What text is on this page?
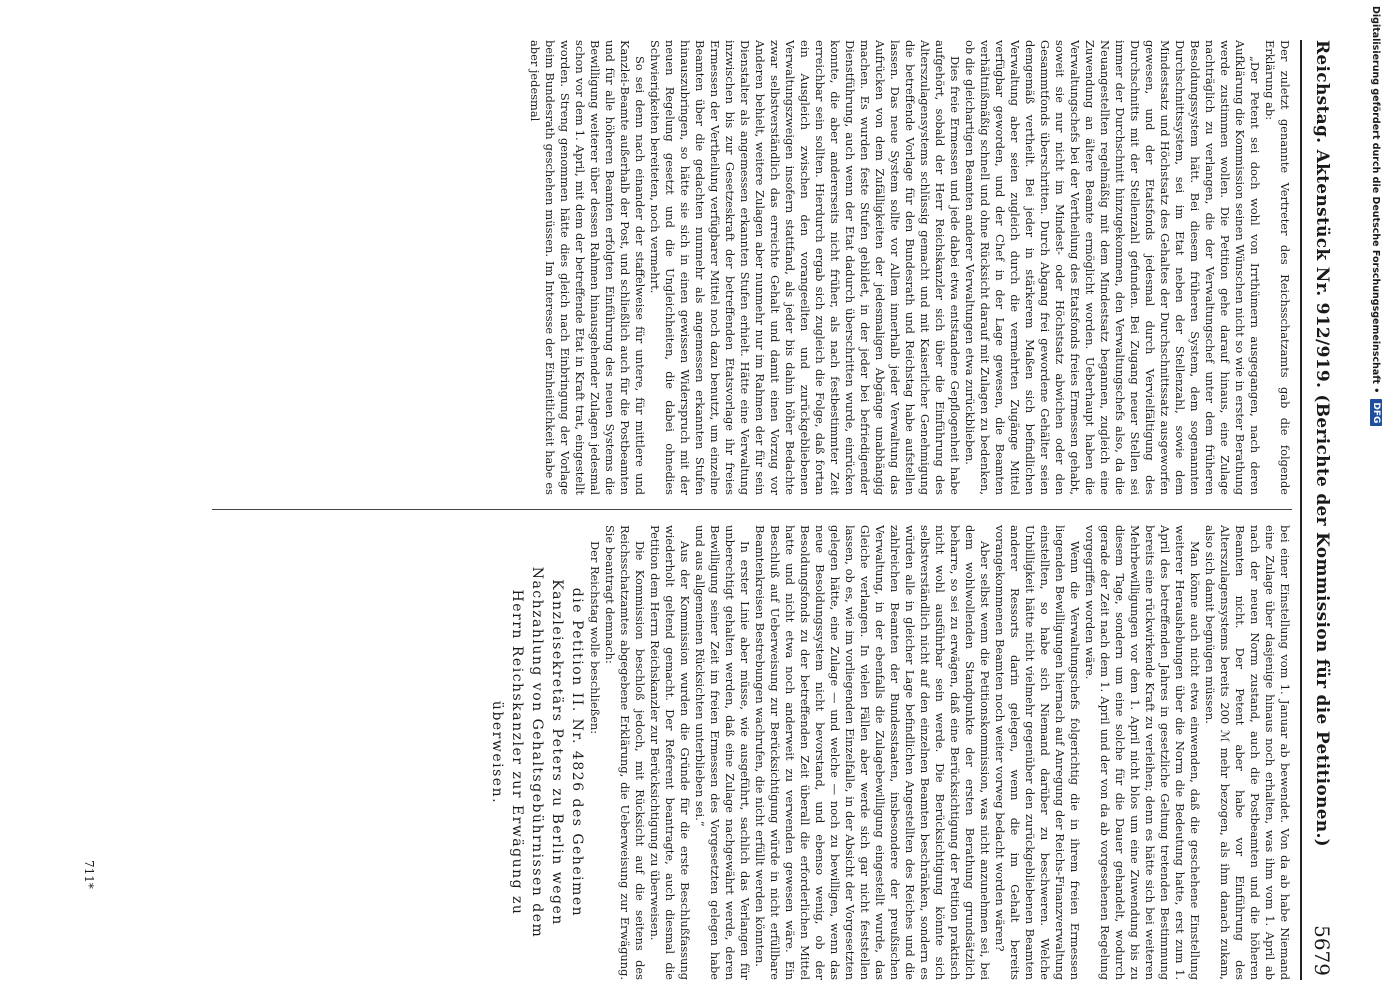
Reichstag. Aktenstück Nr. 912/919. (Berichte der Kommission für die Petitionen.)
5679

Der zuletzt genannte Vertreter des Reichsschatzamts gab die folgende Erklärung ab:

„Der Petent sei doch wohl von Irrthümern ausgegangen, nach deren Aufklärung die Kommission seinen Wünschen nicht so wie in erster Berathung werde zustimmen wollen. Die Petition gehe darauf hinaus, eine Zulage nachträglich zu verlangen, die der Verwaltungschef unter dem früheren Besoldungssystem hätt. Bei diesem früheren System, dem sogenannten Durchschnittssystem, sei im Etat neben der Stellenzahl, sowie dem Mindestsatz und Höchstsatz des Gehaltes der Durchschnittssatz ausgeworfen gewesen, und der Etatsfonds jedesmal durch Vervielfältigung des Durchschnitts mit der Stellenzahl gefunden. Bei Zugang neuer Stellen sei immer der Durchschnitt hinzugekommen, den Verwaltungschefs also, da die Neuangestellten regelmäßig mit dem Mindestsatz begannen, zugleich eine Zuwendung an ältere Beamte ermöglicht worden. Ueberhaupt haben die Verwaltungschefs bei der Vertheilung des Etatsfonds freies Ermessen gehabt, soweit sie nur nicht im Mindest- oder Höchstsatz abwichen oder den Gesammtfonds überschritten. Durch Abgang frei gewordene Gehälter seien demgemäß vertheilt. Bei jeder in stärkerem Maßen sich befindlichen Verwaltung aber seien zugleich durch die vermehrten Zugänge Mittel verfügbar geworden, und der Chef in der Lage gewesen, die Beamten verhältnißmäßig schnell und ohne Rücksicht darauf mit Zulagen zu bedenken, ob die gleichartigen Beamten anderer Verwaltungen etwa zurückblieben.

Dies freie Ermessen und jede dabei etwa entstandene Gepflogenheit habe aufgehört, sobald der Herr Reichskanzler sich über die Einführung des Alterszulagensystems schlüssig gemacht und mit Kaiserlicher Genehmigung die betreffende Vorlage für den Bundesrath und Reichstag habe aufstellen lassen. Das neue System sollte vor Allem innerhalb jeder Verwaltung das Aufrücken von dem Zufälligkeiten der jedesmaligen Abgänge unabhängig machen. Es wurden feste Stufen gebildet, in der jeder bei befriedigender Dienstführung, auch wenn der Etat dadurch überschritten wurde, einrücken konnte, die aber andererseits nicht früher, als nach festbestimmter Zeit erreichbar sein sollten. Hierdurch ergab sich zugleich die Folge, daß fortan ein Ausgleich zwischen den vorangeeilten und zurückgebliebenen Verwaltungszweigen insofern stattfand, als jeder bis dahin höher Bedachte zwar selbstverständlich das erreichte Gehalt und damit einen Vorzug vor Anderen behielt, weitere Zulagen aber nunmehr nur im Rahmen der für sein Dienstalter als angemessen erkannten Stufen erhielt. Hätte eine Verwaltung inzwischen bis zur Gesetzeskraft der betreffenden Etatsvorlage ihr freies Ermessen der Vertheilung verfügbarer Mittel noch dazu benutzt, um einzelne Beamten über die gedachten nunmehr als angemessen erkannten Stufen hinauszubringen, so hätte sie sich in einen gewissen Widerspruch mit der neuen Regelung gesetzt und die Ungleichheiten, die dabei ohnedies Schwierigkeiten bereiteten, noch vermehrt.

So sei denn nach einander der staffelweise für untere, für mittlere und Kanzlei-Beamte außerhalb der Post, und schließlich auch für die Postbeamten und für alle höheren Beamten erfolgten Einführung des neuen Systems die Bewilligung weiterer über dessen Rahmen hinausgehender Zulagen jedesmal schon vor dem 1. April, mit dem der betreffende Etat in Kraft trat, eingestellt worden. Streng genommen hätte dies gleich nach Einbringung der Vorlage beim Bundesrath geschehen müssen. Im Interesse der Einheitlichkeit habe es aber jedesmal

bei einer Einstellung vom 1. Januar ab bewendet. Von da ab habe Niemand eine Zulage über dasjenige hinaus noch erhalten, was ihm vom 1. April ab nach der neuen Norm zustand, auch die Postbeamten und die höheren Beamten nicht. Der Petent aber habe vor Einführung des Alterszulagensystems bereits 200 ℳ mehr bezogen, als ihm danach zukam, also sich damit begnügen müssen.

Man könne auch nicht etwa einwenden, daß die geschehene Einstellung weiterer Heraushebungen über die Norm die Bedeutung hatte, erst zum 1. April des betreffenden Jahres in gesetzliche Geltung tretenden Bestimmung bereits eine rückwirkende Kraft zu verleihen; denn es hätte sich bei weiteren Mehrbewilligungen vor dem 1. April nicht blos um eine Zuwendung bis zu diesem Tage, sondern um eine solche für die Dauer gehandelt, wodurch gerade der Zeit nach dem 1. April und der von da ab vorgesehenen Regelung vorgegriffen worden wäre.

Wenn die Verwaltungschefs folgerichtig die in ihrem freien Ermessen liegenden Bewilligungen hiernach auf Anregung der Reichs-Finanzverwaltung einstellten, so habe sich Niemand darüber zu beschweren. Welche Unbilligkeit hätte nicht vielmehr gegenüber den zurückgebliebenen Beamten anderer Ressorts darin gelegen, wenn die im Gehalt bereits vorangekommenen Beamten noch weiter vorweg bedacht worden wären?

Aber selbst wenn die Petitionskommission, was nicht anzunehmen sei, bei dem wohlwollenden Standpunkte der ersten Berathung grundsätzlich beharre, so sei zu erwägen, daß eine Berücksichtigung der Petition praktisch nicht wohl ausführbar sein werde. Die Berücksichtigung könnte sich selbstverständlich nicht auf den einzelnen Beamten beschränken, sondern es würden alle in gleicher Lage befindlichen Angestellten des Reiches und die zahlreichen Beamten der Bundesstaaten, insbesondere der preußischen Verwaltung, in der ebenfalls die Zulagebewilligung eingestellt wurde, das Gleiche verlangen. In vielen Fällen aber werde sich gar nicht feststellen lassen, ob es, wie im vorliegenden Einzelfalle, in der Absicht der Vorgesetzten gelegen hätte, eine Zulage — und welche — noch zu bewilligen, wenn das neue Besoldungssystem nicht bevorstand, und ebenso wenig, ob der Besoldungsfonds zu der betreffenden Zeit überall die erforderlichen Mittel hatte und nicht etwa noch anderweit zu verwenden gewesen wäre. Ein Beschluß auf Ueberweisung zur Berücksichtigung würde in nicht erfüllbare Beamtenkreisen Bestrebungen wachrufen, die nicht erfüllt werden könnten.

In erster Linie aber müsse, wie ausgeführt, sachlich das Verlangen für unberechtigt gehalten werden, daß eine Zulage nachgewährt werde, deren Bewilligung seiner Zeit im freien Ermessen des Vorgesetzten gelegen habe und aus allgemeinen Rücksichten unterblieben sei.“

Aus der Kommission wurden die Gründe für die erste Beschlußfassung wiederholt geltend gemacht. Der Referent beantragte, auch diesmal die Petition dem Herrn Reichskanzler zur Berücksichtigung zu überweisen.

Die Kommission beschloß jedoch, mit Rücksicht auf die seitens des Reichsschatzamtes abgegebene Erklärung, die Ueberweisung zur Erwägung. Sie beantragt demnach:

Der Reichstag wolle beschließen:

die Petition II. Nr. 4826 des Geheimen Kanzleisekretärs Peters zu Berlin wegen Nachzahlung von Gehaltsgebührnissen dem Herrn Reichskanzler zur Erwägung zu überweisen.

711*
Digitalisierung gefördert durch die Deutsche Forschungsgemeinschaft •
DFG
